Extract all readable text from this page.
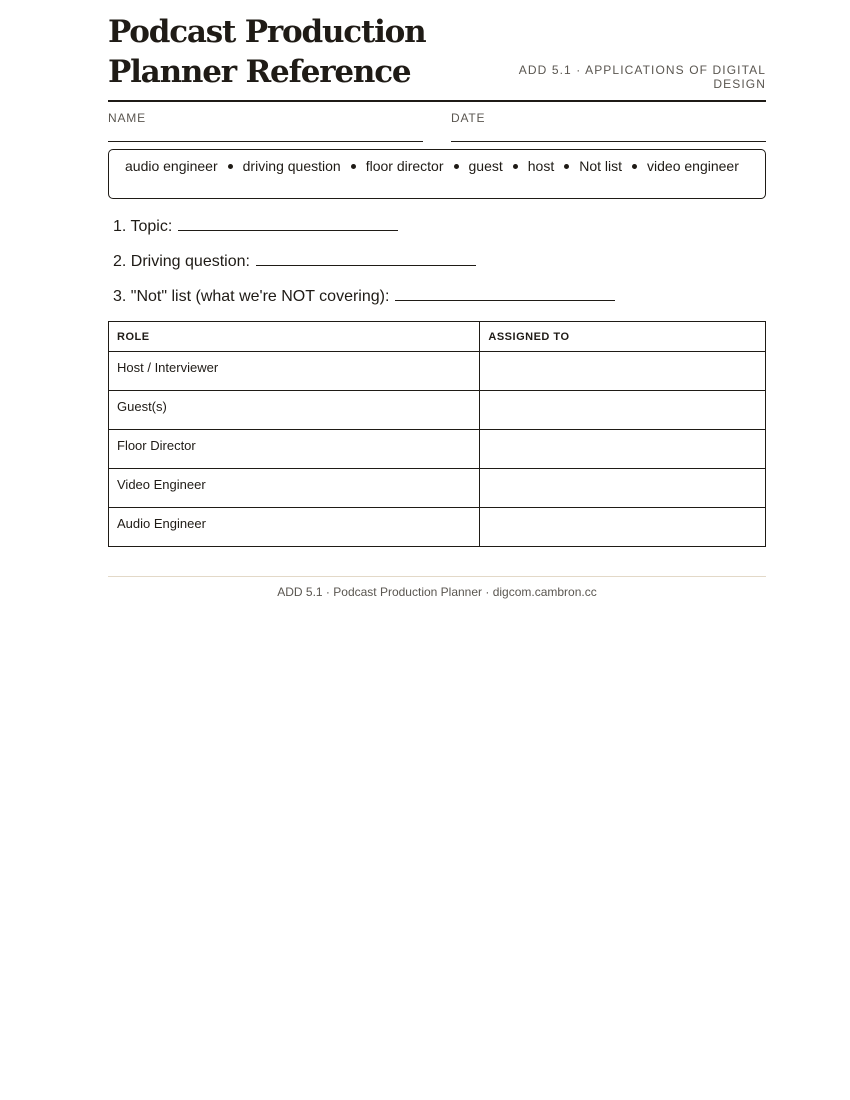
Podcast Production Planner Reference	ADD 5.1 · APPLICATIONS OF DIGITAL DESIGN
NAME	DATE
audio engineer driving question floor director guest host Not list video engineer
1. Topic:
2. Driving question:
3. "Not" list (what we're NOT covering):
ROLE	ASSIGNED TO
Host / Interviewer	
Guest(s)	
Floor Director	
Video Engineer	
Audio Engineer	
ADD 5.1 · Podcast Production Planner · digcom.cambron.cc
